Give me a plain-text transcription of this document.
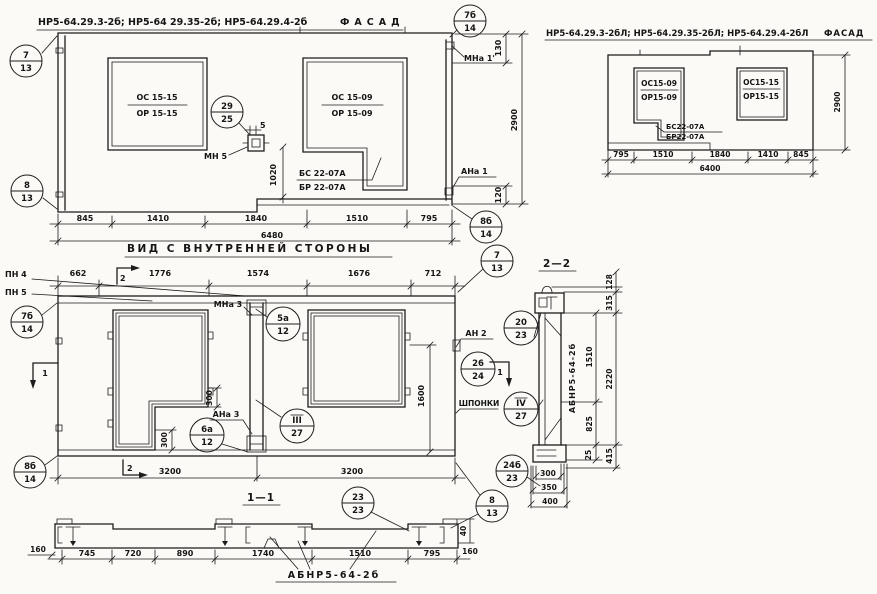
НР5-64.29.3-2б; НР5-64 29.35-2б; НР5-64.29.4-2б	ФАСАД
ОС 15-15
ОР 15-15
ОС 15-09
ОР 15-09
БС 22-07А
БР 22-07А
МН 5
5
29
25
1020
130
2900
120
7б
14
МНа 1'
АНа 1
8б
14
7
13
8
13
845	1410	1840	1510	795
6480
НР5-64.29.3-2бЛ; НР5-64.29.35-2бЛ; НР5-64.29.4-2бЛ ФАСАД
ОС15-09
ОР15-09
ОС15-15
ОР15-15
БС22-07А
БР22-07А
795	1510	1840	1410 845
6400
2900
ВИД С ВНУТРЕННЕЙ СТОРОНЫ
ПН 4
ПН 5
662	1776	1574	1676	712
2
300
300
МНа 3
АНа 3
5а
12
6а
12
III
27
1600
АН 2
20
23
26
24 1
ШПОНКИ IV
27
1
7б
14
8б
14
7
13
2	3200	3200
24б
23
23
23
8
13
1—1
745	720	890	1740	1510	795
160
40
160
АБНР5-64-2б
2—2
АБНР5-64-2б
128
315
1510
2220
825
25 415
300
350
400
